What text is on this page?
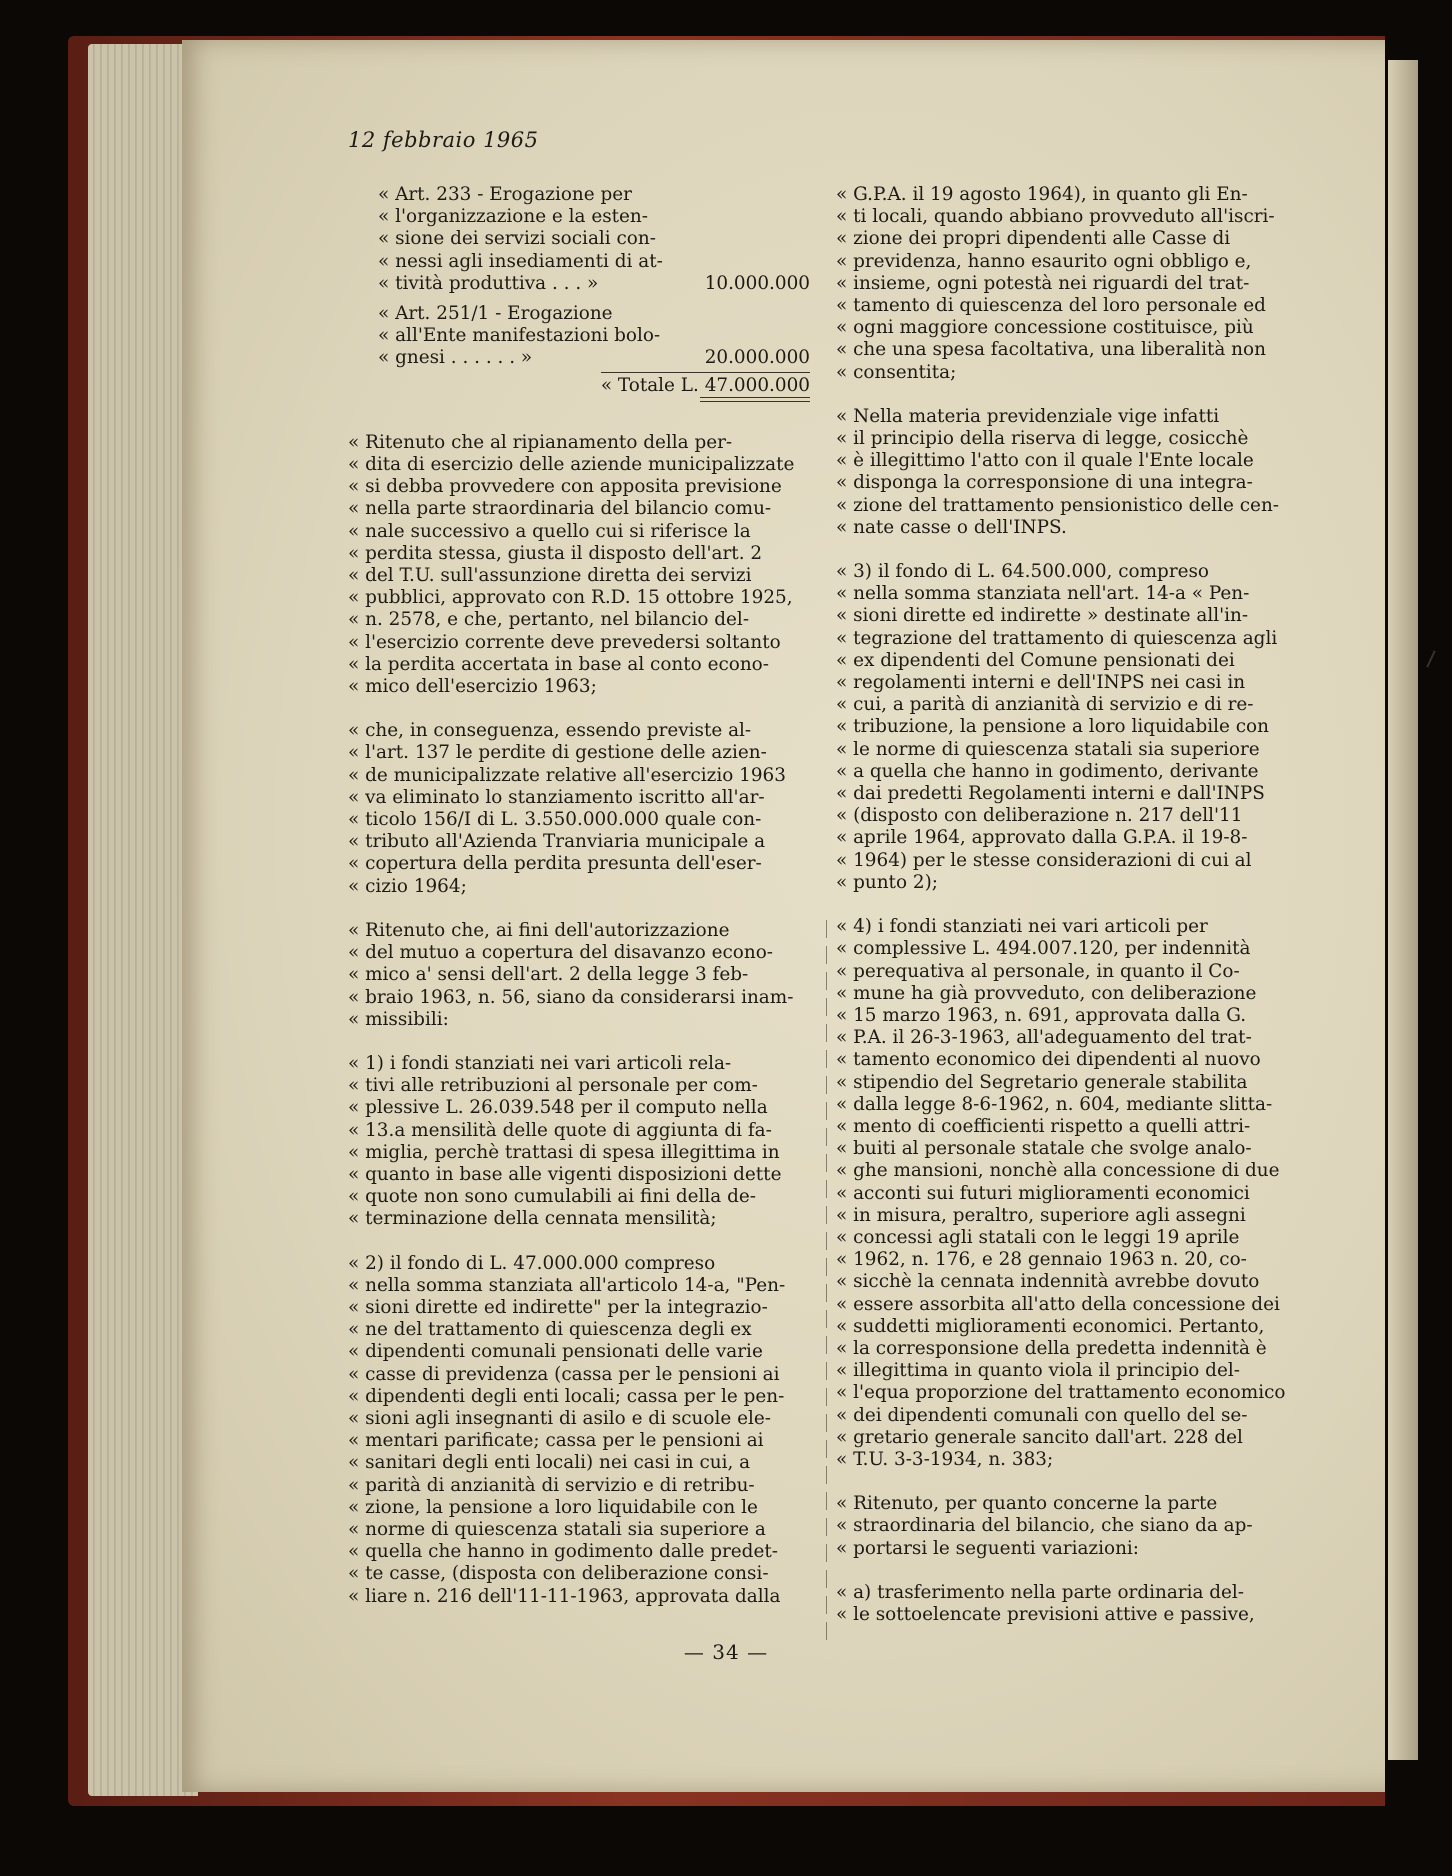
12 febbraio 1965
« Art. 233 - Erogazione per
« l'organizzazione e la esten-
« sione dei servizi sociali con-
« nessi agli insediamenti di at-
« tività produttiva . . . »	10.000.000
« Art. 251/1 - Erogazione
« all'Ente manifestazioni bolo-
« gnesi . . . . . . »	20.000.000
« Totale L. 47.000.000

« Ritenuto che al ripianamento della per-
« dita di esercizio delle aziende municipalizzate
« si debba provvedere con apposita previsione
« nella parte straordinaria del bilancio comu-
« nale successivo a quello cui si riferisce la
« perdita stessa, giusta il disposto dell'art. 2
« del T.U. sull'assunzione diretta dei servizi
« pubblici, approvato con R.D. 15 ottobre 1925,
« n. 2578, e che, pertanto, nel bilancio del-
« l'esercizio corrente deve prevedersi soltanto
« la perdita accertata in base al conto econo-
« mico dell'esercizio 1963;

« che, in conseguenza, essendo previste al-
« l'art. 137 le perdite di gestione delle azien-
« de municipalizzate relative all'esercizio 1963
« va eliminato lo stanziamento iscritto all'ar-
« ticolo 156/I di L. 3.550.000.000 quale con-
« tributo all'Azienda Tranviaria municipale a
« copertura della perdita presunta dell'eser-
« cizio 1964;

« Ritenuto che, ai fini dell'autorizzazione
« del mutuo a copertura del disavanzo econo-
« mico a' sensi dell'art. 2 della legge 3 feb-
« braio 1963, n. 56, siano da considerarsi inam-
« missibili:

« 1) i fondi stanziati nei vari articoli rela-
« tivi alle retribuzioni al personale per com-
« plessive L. 26.039.548 per il computo nella
« 13.a mensilità delle quote di aggiunta di fa-
« miglia, perchè trattasi di spesa illegittima in
« quanto in base alle vigenti disposizioni dette
« quote non sono cumulabili ai fini della de-
« terminazione della cennata mensilità;

« 2) il fondo di L. 47.000.000 compreso
« nella somma stanziata all'articolo 14-a, "Pen-
« sioni dirette ed indirette" per la integrazio-
« ne del trattamento di quiescenza degli ex
« dipendenti comunali pensionati delle varie
« casse di previdenza (cassa per le pensioni ai
« dipendenti degli enti locali; cassa per le pen-
« sioni agli insegnanti di asilo e di scuole ele-
« mentari parificate; cassa per le pensioni ai
« sanitari degli enti locali) nei casi in cui, a
« parità di anzianità di servizio e di retribu-
« zione, la pensione a loro liquidabile con le
« norme di quiescenza statali sia superiore a
« quella che hanno in godimento dalle predet-
« te casse, (disposta con deliberazione consi-
« liare n. 216 dell'11-11-1963, approvata dalla

« G.P.A. il 19 agosto 1964), in quanto gli En-
« ti locali, quando abbiano provveduto all'iscri-
« zione dei propri dipendenti alle Casse di
« previdenza, hanno esaurito ogni obbligo e,
« insieme, ogni potestà nei riguardi del trat-
« tamento di quiescenza del loro personale ed
« ogni maggiore concessione costituisce, più
« che una spesa facoltativa, una liberalità non
« consentita;

« Nella materia previdenziale vige infatti
« il principio della riserva di legge, cosicchè
« è illegittimo l'atto con il quale l'Ente locale
« disponga la corresponsione di una integra-
« zione del trattamento pensionistico delle cen-
« nate casse o dell'INPS.

« 3) il fondo di L. 64.500.000, compreso
« nella somma stanziata nell'art. 14-a « Pen-
« sioni dirette ed indirette » destinate all'in-
« tegrazione del trattamento di quiescenza agli
« ex dipendenti del Comune pensionati dei
« regolamenti interni e dell'INPS nei casi in
« cui, a parità di anzianità di servizio e di re-
« tribuzione, la pensione a loro liquidabile con
« le norme di quiescenza statali sia superiore
« a quella che hanno in godimento, derivante
« dai predetti Regolamenti interni e dall'INPS
« (disposto con deliberazione n. 217 dell'11
« aprile 1964, approvato dalla G.P.A. il 19-8-
« 1964) per le stesse considerazioni di cui al
« punto 2);

« 4) i fondi stanziati nei vari articoli per
« complessive L. 494.007.120, per indennità
« perequativa al personale, in quanto il Co-
« mune ha già provveduto, con deliberazione
« 15 marzo 1963, n. 691, approvata dalla G.
« P.A. il 26-3-1963, all'adeguamento del trat-
« tamento economico dei dipendenti al nuovo
« stipendio del Segretario generale stabilita
« dalla legge 8-6-1962, n. 604, mediante slitta-
« mento di coefficienti rispetto a quelli attri-
« buiti al personale statale che svolge analo-
« ghe mansioni, nonchè alla concessione di due
« acconti sui futuri miglioramenti economici
« in misura, peraltro, superiore agli assegni
« concessi agli statali con le leggi 19 aprile
« 1962, n. 176, e 28 gennaio 1963 n. 20, co-
« sicchè la cennata indennità avrebbe dovuto
« essere assorbita all'atto della concessione dei
« suddetti miglioramenti economici. Pertanto,
« la corresponsione della predetta indennità è
« illegittima in quanto viola il principio del-
« l'equa proporzione del trattamento economico
« dei dipendenti comunali con quello del se-
« gretario generale sancito dall'art. 228 del
« T.U. 3-3-1934, n. 383;

« Ritenuto, per quanto concerne la parte
« straordinaria del bilancio, che siano da ap-
« portarsi le seguenti variazioni:

« a) trasferimento nella parte ordinaria del-
« le sottoelencate previsioni attive e passive,

— 34 —
